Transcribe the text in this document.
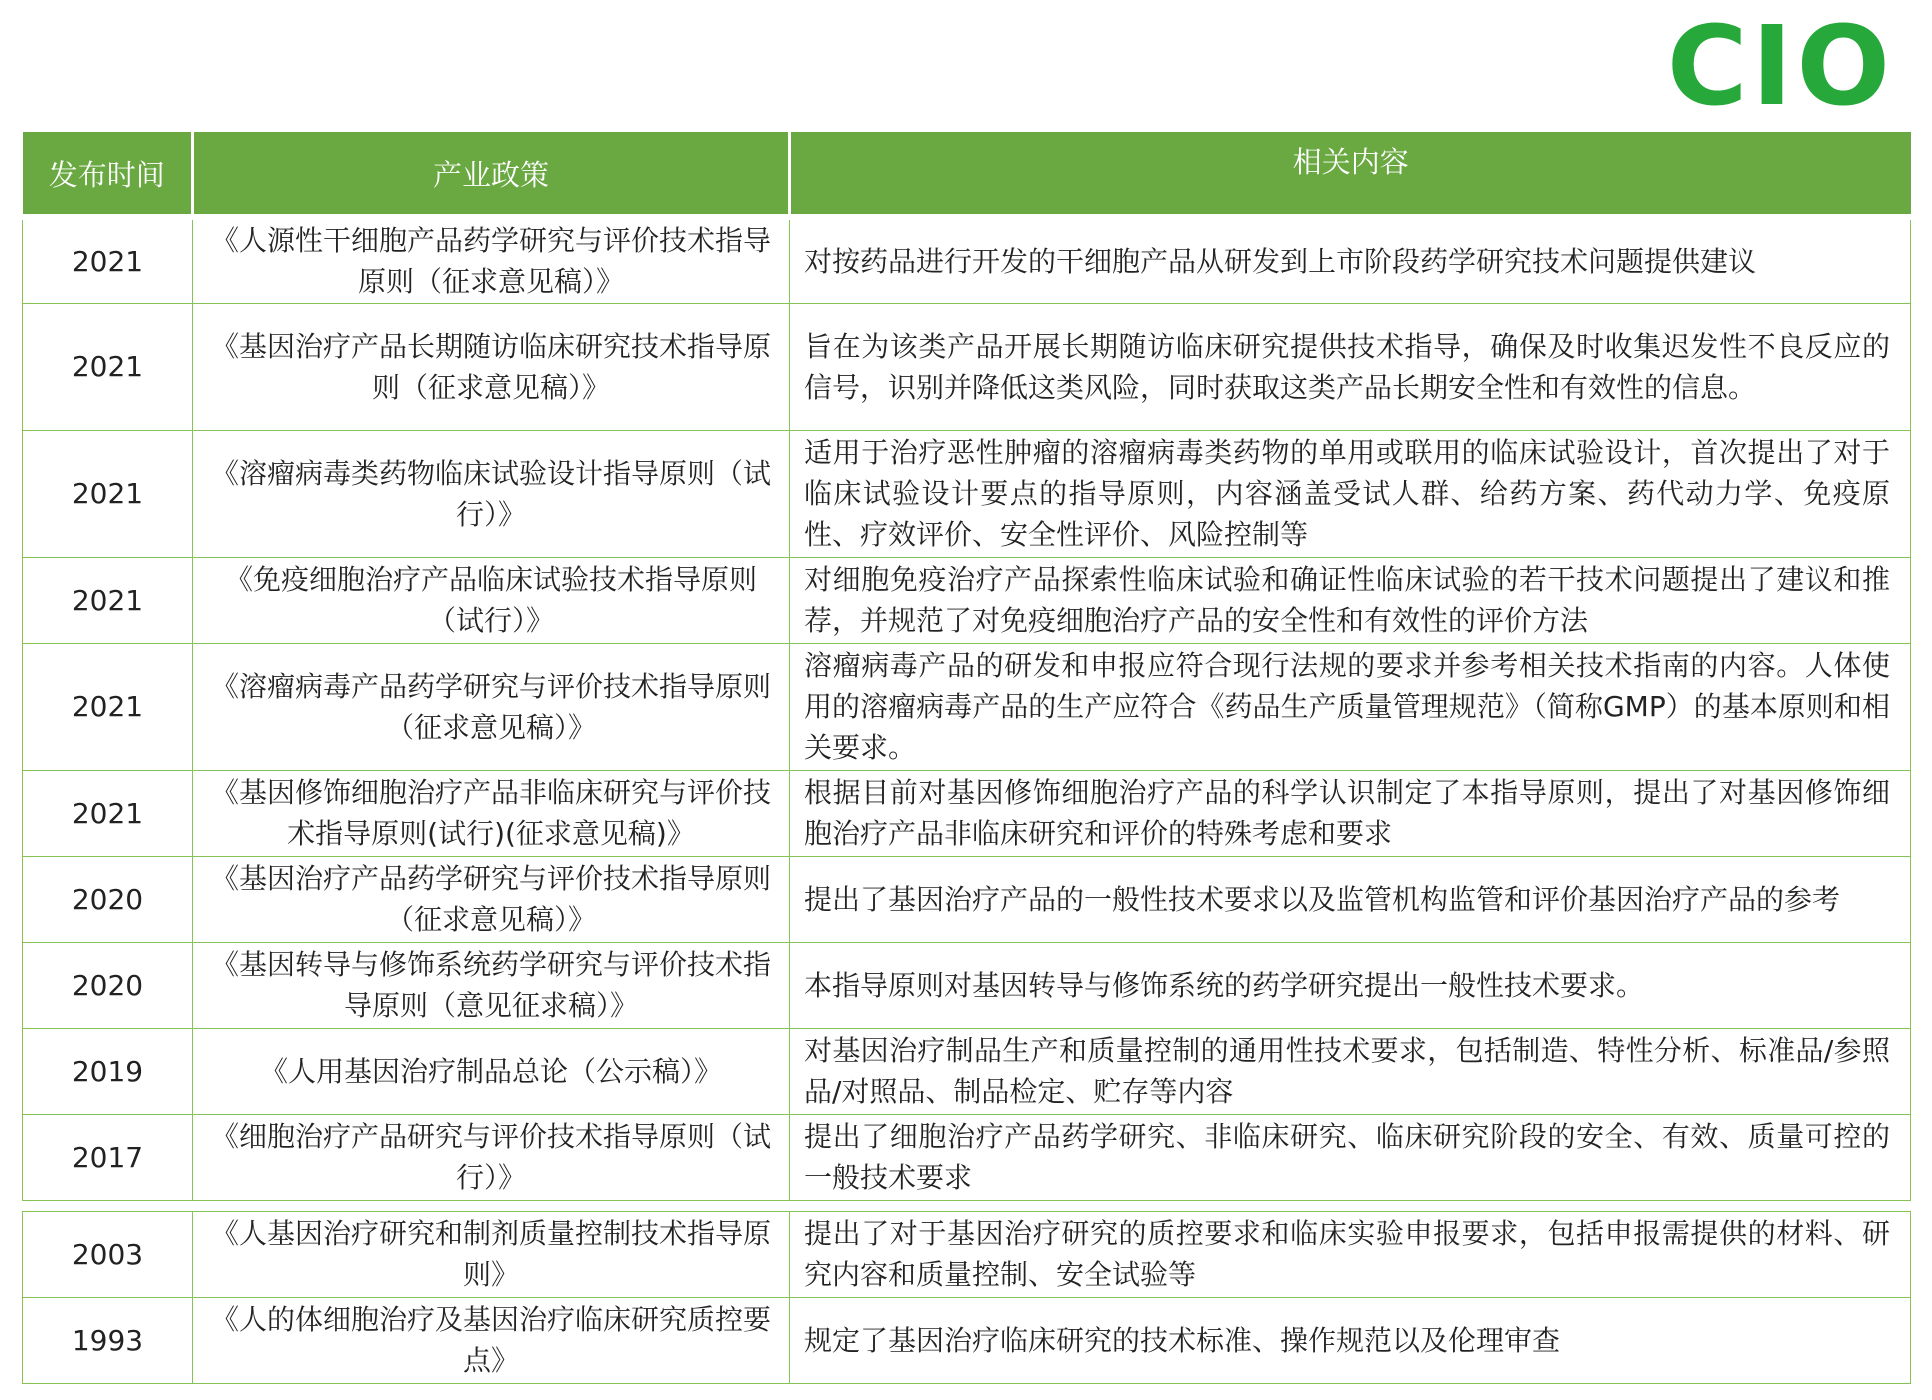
CIO
发布时间	产业政策	相关内容
2021	《人源性干细胞产品药学研究与评价技术指导原则（征求意见稿）》	对按药品进行开发的干细胞产品从研发到上市阶段药学研究技术问题提供建议
2021	《基因治疗产品长期随访临床研究技术指导原则（征求意见稿）》	旨在为该类产品开展长期随访临床研究提供技术指导，确保及时收集迟发性不良反应的信号，识别并降低这类风险，同时获取这类产品长期安全性和有效性的信息。
2021	《溶瘤病毒类药物临床试验设计指导原则（试行）》	适用于治疗恶性肿瘤的溶瘤病毒类药物的单用或联用的临床试验设计，首次提出了对于临床试验设计要点的指导原则，内容涵盖受试人群、给药方案、药代动力学、免疫原性、疗效评价、安全性评价、风险控制等
2021	《免疫细胞治疗产品临床试验技术指导原则（试行）》	对细胞免疫治疗产品探索性临床试验和确证性临床试验的若干技术问题提出了建议和推荐，并规范了对免疫细胞治疗产品的安全性和有效性的评价方法
2021	《溶瘤病毒产品药学研究与评价技术指导原则（征求意见稿）》	溶瘤病毒产品的研发和申报应符合现行法规的要求并参考相关技术指南的内容。人体使用的溶瘤病毒产品的生产应符合《药品生产质量管理规范》（简称GMP）的基本原则和相关要求。
2021	《基因修饰细胞治疗产品非临床研究与评价技术指导原则(试行)(征求意见稿)》	根据目前对基因修饰细胞治疗产品的科学认识制定了本指导原则，提出了对基因修饰细胞治疗产品非临床研究和评价的特殊考虑和要求
2020	《基因治疗产品药学研究与评价技术指导原则（征求意见稿）》	提出了基因治疗产品的一般性技术要求以及监管机构监管和评价基因治疗产品的参考
2020	《基因转导与修饰系统药学研究与评价技术指导原则（意见征求稿）》	本指导原则对基因转导与修饰系统的药学研究提出一般性技术要求。
2019	《人用基因治疗制品总论（公示稿）》	对基因治疗制品生产和质量控制的通用性技术要求，包括制造、特性分析、标准品/参照品/对照品、制品检定、贮存等内容
2017	《细胞治疗产品研究与评价技术指导原则（试行）》	提出了细胞治疗产品药学研究、非临床研究、临床研究阶段的安全、有效、质量可控的一般技术要求

2003	《人基因治疗研究和制剂质量控制技术指导原则》	提出了对于基因治疗研究的质控要求和临床实验申报要求，包括申报需提供的材料、研究内容和质量控制、安全试验等
1993	《人的体细胞治疗及基因治疗临床研究质控要点》	规定了基因治疗临床研究的技术标准、操作规范以及伦理审查
